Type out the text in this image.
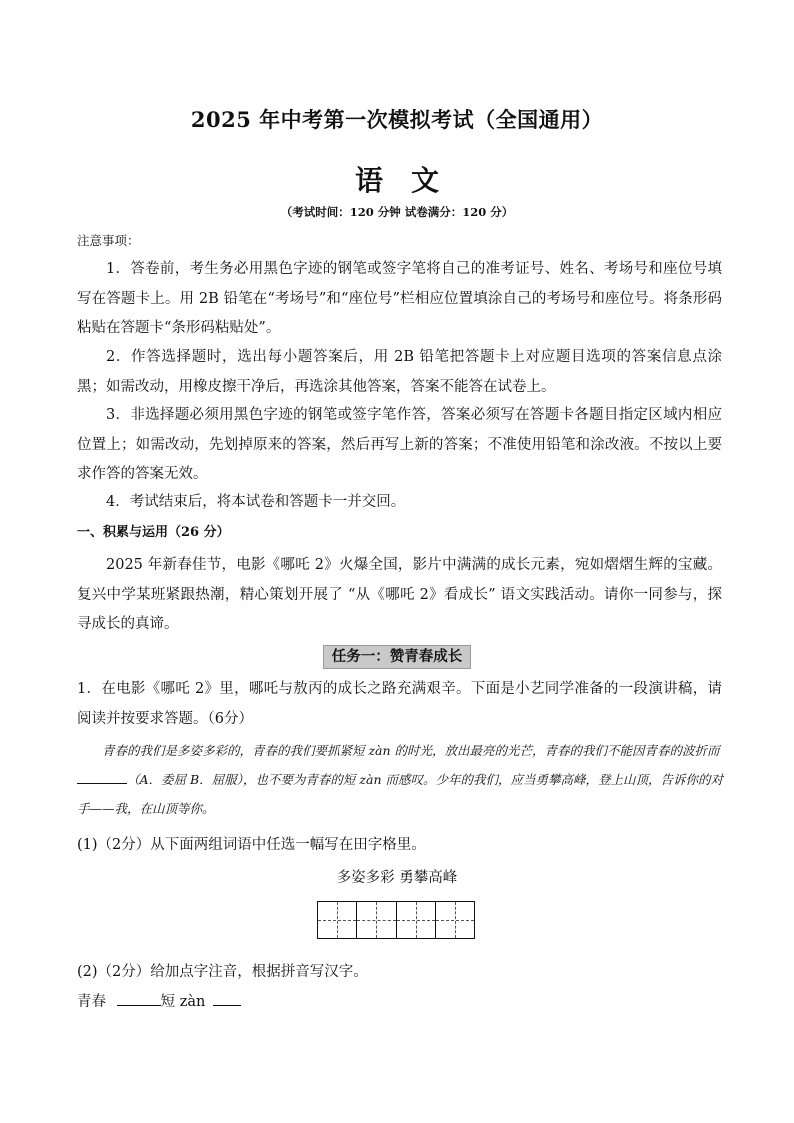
2025 年中考第一次模拟考试（全国通用）
语文
（考试时间：120 分钟 试卷满分：120 分）
注意事项：
1．答卷前，考生务必用黑色字迹的钢笔或签字笔将自己的准考证号、姓名、考场号和座位号填写在答题卡上。用 2B 铅笔在“考场号”和“座位号”栏相应位置填涂自己的考场号和座位号。将条形码粘贴在答题卡“条形码粘贴处”。
2．作答选择题时，选出每小题答案后，用 2B 铅笔把答题卡上对应题目选项的答案信息点涂黑；如需改动，用橡皮擦干净后，再选涂其他答案，答案不能答在试卷上。
3．非选择题必须用黑色字迹的钢笔或签字笔作答，答案必须写在答题卡各题目指定区域内相应位置上；如需改动，先划掉原来的答案，然后再写上新的答案；不准使用铅笔和涂改液。不按以上要求作答的答案无效。
4．考试结束后，将本试卷和答题卡一并交回。
一、积累与运用（26 分）
2025 年新春佳节，电影《哪吒 2》火爆全国，影片中满满的成长元素，宛如熠熠生辉的宝藏。复兴中学某班紧跟热潮，精心策划开展了 “从《哪吒 2》看成长” 语文实践活动。请你一同参与，探寻成长的真谛。
任务一：赞青春成长
1．在电影《哪吒 2》里，哪吒与敖丙的成长之路充满艰辛。下面是小艺同学准备的一段演讲稿，请阅读并按要求答题。（6分）
青春的我们是多姿多彩的，青春的我们要抓紧短 zàn 的时光，放出最亮的光芒，青春的我们不能因青春的波折而（A．委屈 B．屈服），也不要为青春的短 zàn 而感叹。少年的我们，应当勇攀高峰，登上山顶，告诉你的对手——我，在山顶等你。
(1)（2分）从下面两组词语中任选一幅写在田字格里。
多姿多彩 勇攀高峰
(2)（2分）给加点字注音，根据拼音写汉字。
青春	短 zàn
